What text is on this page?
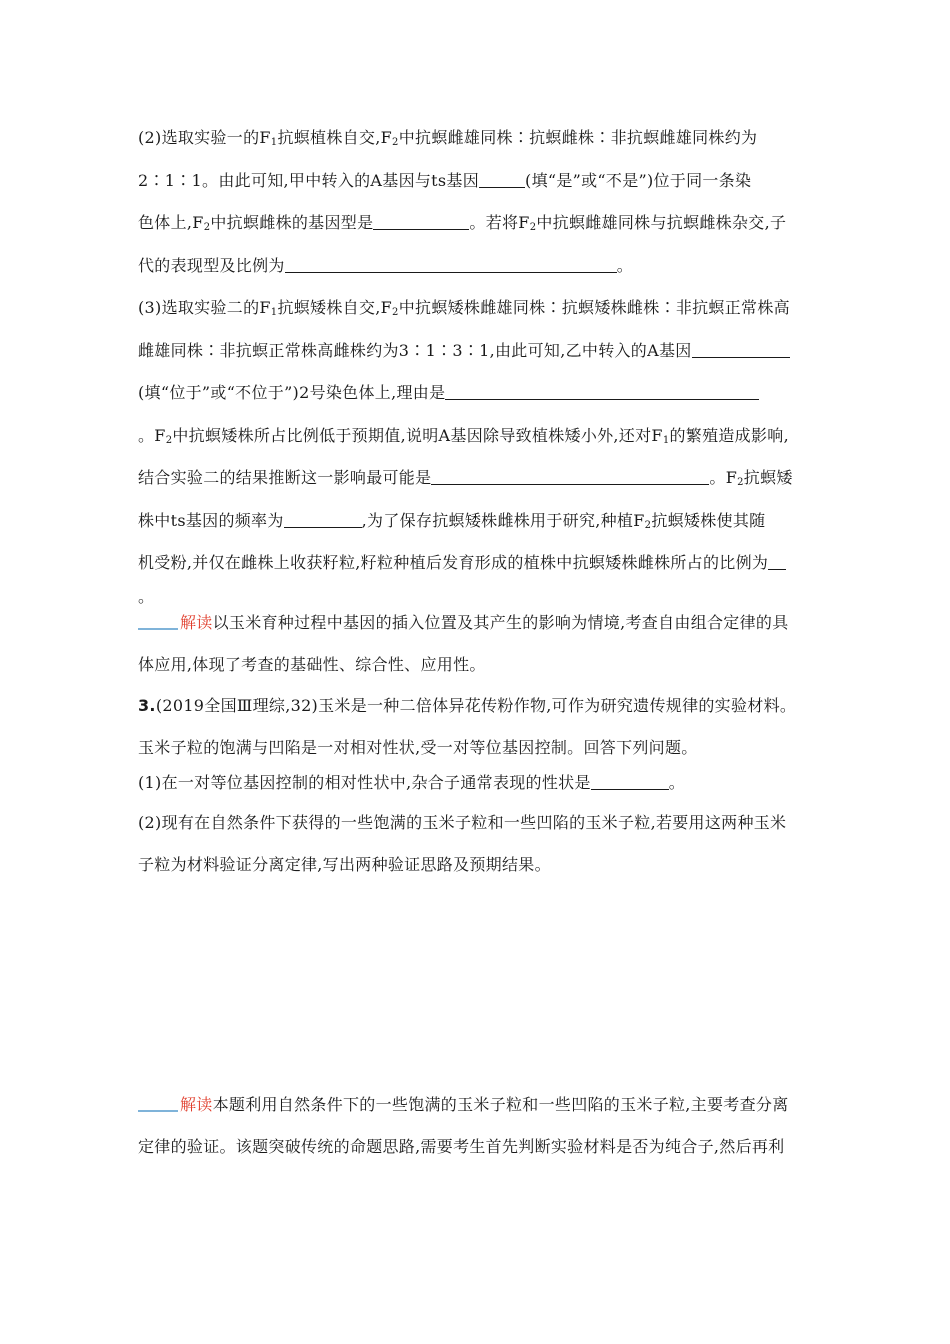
(2)选取实验一的$F_1$抗螟植株自交$,F_2$中抗螟雌雄同株∶抗螟雌株∶非抗螟雌雄同株约为
2∶1∶1。由此可知,甲中转入的A基因与ts基因	(填“是”或“不是”)位于同一条染
色体上$,F_2$中抗螟雌株的基因型是	。若将$F_2$中抗螟雌雄同株与抗螟雌株杂交,子
代的表现型及比例为	。
(3)选取实验二的$F_1$抗螟矮株自交$,F_2$中抗螟矮株雌雄同株∶抗螟矮株雌株∶非抗螟正常株高
雌雄同株∶非抗螟正常株高雌株约为3∶1∶3∶1,由此可知,乙中转入的A基因
(填“位于”或“不位于”)2号染色体上,理由是
。$F_2$中抗螟矮株所占比例低于预期值,说明A基因除导致植株矮小外,还对$F_1$的繁殖造成影响,
结合实验二的结果推断这一影响最可能是	。$F_2$抗螟矮
株中ts基因的频率为	,为了保存抗螟矮株雌株用于研究,种植$F_2$抗螟矮株使其随
机受粉,并仅在雌株上收获籽粒,籽粒种植后发育形成的植株中抗螟矮株雌株所占的比例为
。
解读以玉米育种过程中基因的插入位置及其产生的影响为情境,考查自由组合定律的具
体应用,体现了考查的基础性、综合性、应用性。
3.(2019全国Ⅲ理综,32)玉米是一种二倍体异花传粉作物,可作为研究遗传规律的实验材料。
玉米子粒的饱满与凹陷是一对相对性状,受一对等位基因控制。回答下列问题。
(1)在一对等位基因控制的相对性状中,杂合子通常表现的性状是	。
(2)现有在自然条件下获得的一些饱满的玉米子粒和一些凹陷的玉米子粒,若要用这两种玉米
子粒为材料验证分离定律,写出两种验证思路及预期结果。
解读本题利用自然条件下的一些饱满的玉米子粒和一些凹陷的玉米子粒,主要考查分离
定律的验证。该题突破传统的命题思路,需要考生首先判断实验材料是否为纯合子,然后再利
